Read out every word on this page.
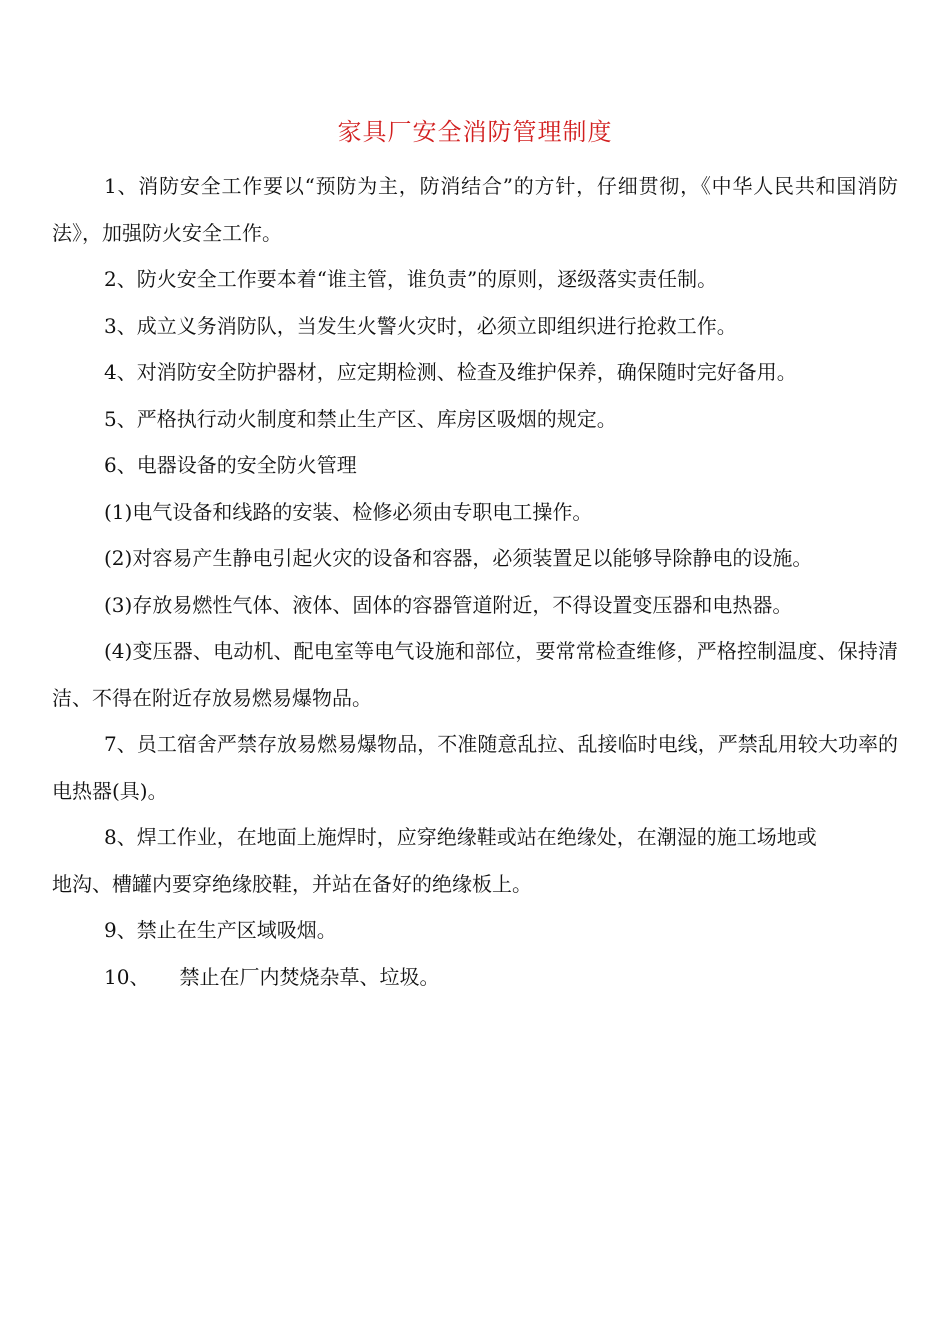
家具厂安全消防管理制度

1、消防安全工作要以“预防为主，防消结合”的方针，仔细贯彻，《中华人民共和国消防法》，加强防火安全工作。

2、防火安全工作要本着“谁主管，谁负责”的原则，逐级落实责任制。

3、成立义务消防队，当发生火警火灾时，必须立即组织进行抢救工作。

4、对消防安全防护器材，应定期检测、检查及维护保养，确保随时完好备用。

5、严格执行动火制度和禁止生产区、库房区吸烟的规定。

6、电器设备的安全防火管理

(1)电气设备和线路的安装、检修必须由专职电工操作。

(2)对容易产生静电引起火灾的设备和容器，必须装置足以能够导除静电的设施。

(3)存放易燃性气体、液体、固体的容器管道附近，不得设置变压器和电热器。

(4)变压器、电动机、配电室等电气设施和部位，要常常检查维修，严格控制温度、保持清洁、不得在附近存放易燃易爆物品。

7、员工宿舍严禁存放易燃易爆物品，不准随意乱拉、乱接临时电线，严禁乱用较大功率的电热器(具)。

8、焊工作业，在地面上施焊时，应穿绝缘鞋或站在绝缘处，在潮湿的施工场地或

地沟、槽罐内要穿绝缘胶鞋，并站在备好的绝缘板上。

9、禁止在生产区域吸烟。

10、 禁止在厂内焚烧杂草、垃圾。
